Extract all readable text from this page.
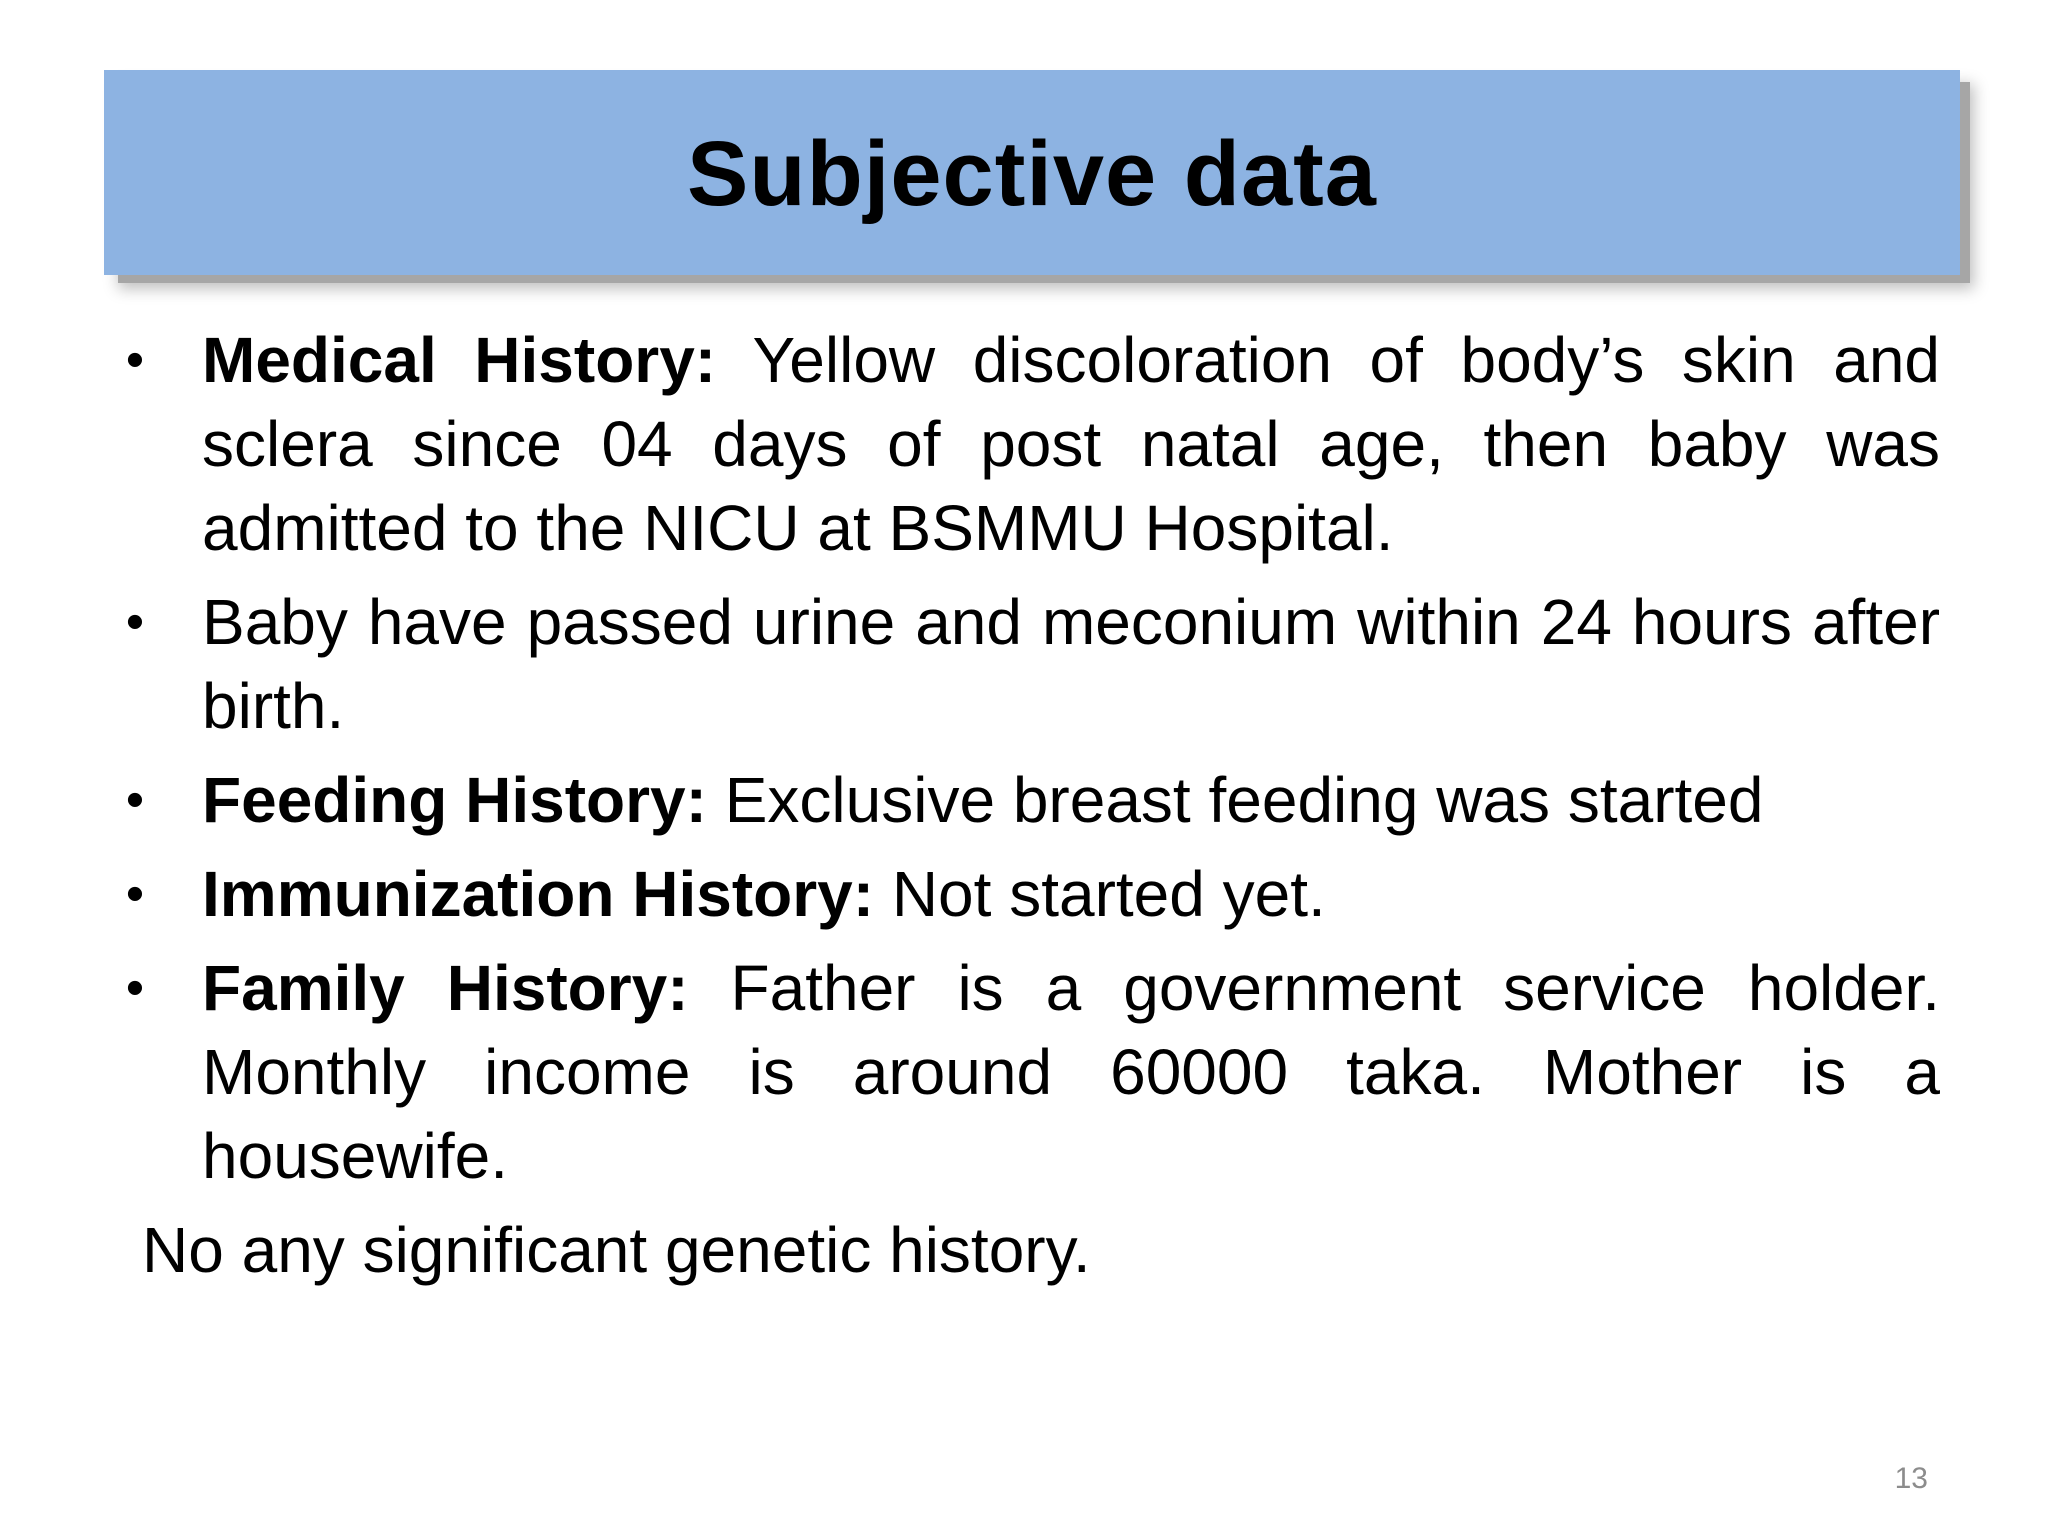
Subjective data
• Medical History: Yellow discoloration of body’s skin and sclera since 04 days of post natal age, then baby was admitted to the NICU at BSMMU Hospital.
• Baby have passed urine and meconium within 24 hours after birth.
• Feeding History: Exclusive breast feeding was started
• Immunization History: Not started yet.
• Family History: Father is a government service holder. Monthly income is around 60000 taka. Mother is a housewife.

No any significant genetic history.

13
